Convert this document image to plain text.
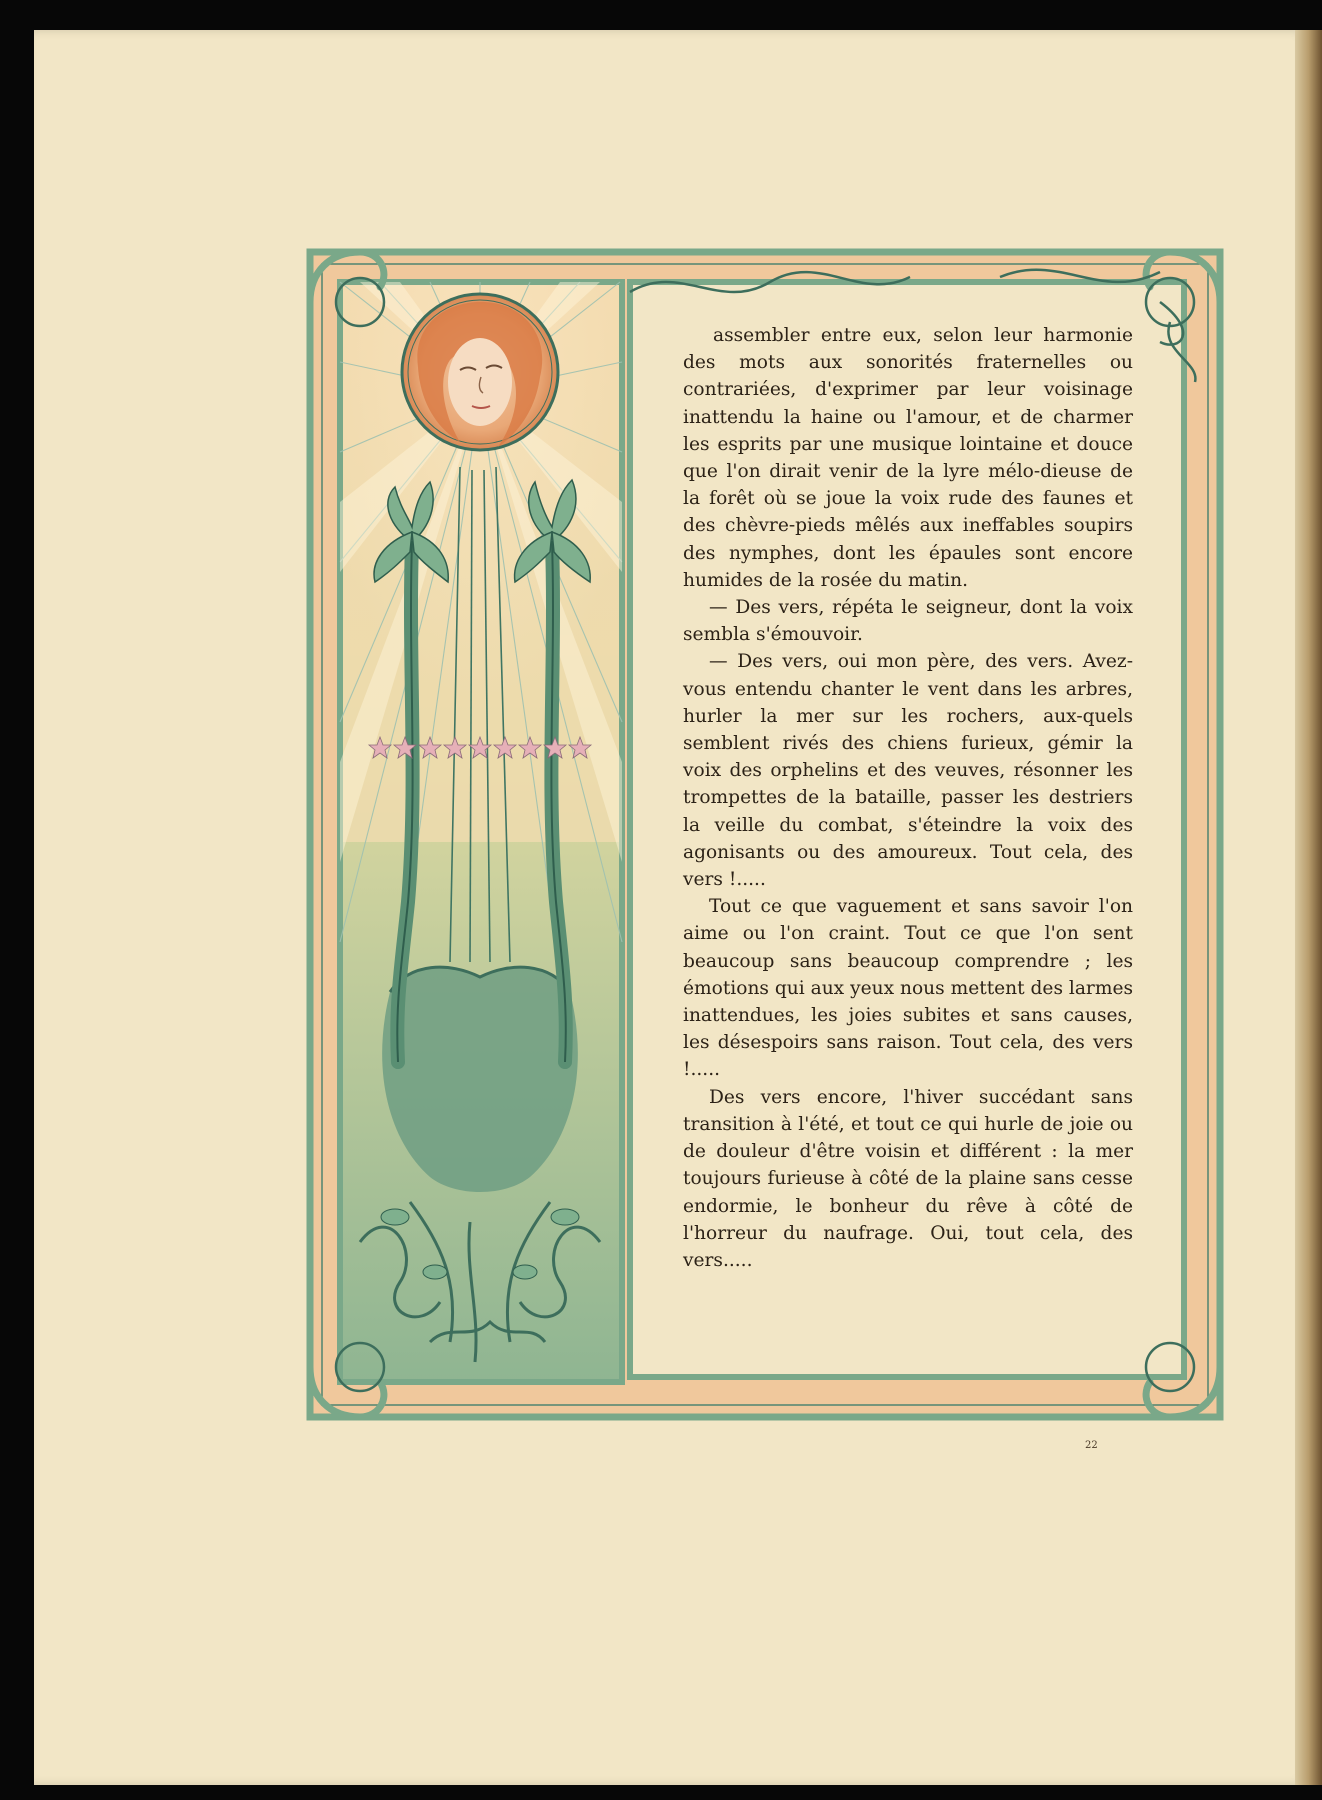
assembler entre eux, selon leur harmonie des mots aux sonorités fraternelles ou contrariées, d'exprimer par leur voisinage inattendu la haine ou l'amour, et de charmer les esprits par une musique lointaine et douce que l'on dirait venir de la lyre mélo-dieuse de la forêt où se joue la voix rude des faunes et des chèvre-pieds mêlés aux ineffables soupirs des nymphes, dont les épaules sont encore humides de la rosée du matin.

— Des vers, répéta le seigneur, dont la voix sembla s'émouvoir.

— Des vers, oui mon père, des vers. Avez-vous entendu chanter le vent dans les arbres, hurler la mer sur les rochers, aux-quels semblent rivés des chiens furieux, gémir la voix des orphelins et des veuves, résonner les trompettes de la bataille, passer les destriers la veille du combat, s'éteindre la voix des agonisants ou des amoureux. Tout cela, des vers !.....

Tout ce que vaguement et sans savoir l'on aime ou l'on craint. Tout ce que l'on sent beaucoup sans beaucoup comprendre ; les émotions qui aux yeux nous mettent des larmes inattendues, les joies subites et sans causes, les désespoirs sans raison. Tout cela, des vers !.....

Des vers encore, l'hiver succédant sans transition à l'été, et tout ce qui hurle de joie ou de douleur d'être voisin et différent : la mer toujours furieuse à côté de la plaine sans cesse endormie, le bonheur du rêve à côté de l'horreur du naufrage. Oui, tout cela, des vers.....

22
